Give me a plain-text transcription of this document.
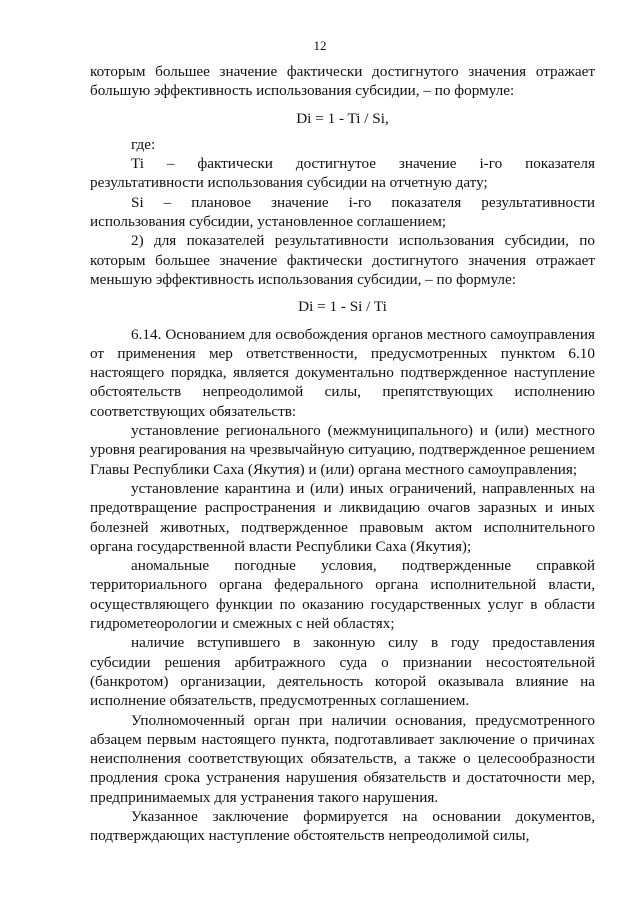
12

которым большее значение фактически достигнутого значения отражает большую эффективность использования субсидии, – по формуле:

Di = 1 - Ti / Si,

где:

Ti – фактически достигнутое значение i-го показателя результативности использования субсидии на отчетную дату;

Si – плановое значение i-го показателя результативности использования субсидии, установленное соглашением;

2) для показателей результативности использования субсидии, по которым большее значение фактически достигнутого значения отражает меньшую эффективность использования субсидии, – по формуле:

Di = 1 - Si / Ti

6.14. Основанием для освобождения органов местного самоуправления от применения мер ответственности, предусмотренных пунктом 6.10 настоящего порядка, является документально подтвержденное наступление обстоятельств непреодолимой силы, препятствующих исполнению соответствующих обязательств:

установление регионального (межмуниципального) и (или) местного уровня реагирования на чрезвычайную ситуацию, подтвержденное решением Главы Республики Саха (Якутия) и (или) органа местного самоуправления;

установление карантина и (или) иных ограничений, направленных на предотвращение распространения и ликвидацию очагов заразных и иных болезней животных, подтвержденное правовым актом исполнительного органа государственной власти Республики Саха (Якутия);

аномальные погодные условия, подтвержденные справкой территориального органа федерального органа исполнительной власти, осуществляющего функции по оказанию государственных услуг в области гидрометеорологии и смежных с ней областях;

наличие вступившего в законную силу в году предоставления субсидии решения арбитражного суда о признании несостоятельной (банкротом) организации, деятельность которой оказывала влияние на исполнение обязательств, предусмотренных соглашением.

Уполномоченный орган при наличии основания, предусмотренного абзацем первым настоящего пункта, подготавливает заключение о причинах неисполнения соответствующих обязательств, а также о целесообразности продления срока устранения нарушения обязательств и достаточности мер, предпринимаемых для устранения такого нарушения.

Указанное заключение формируется на основании документов, подтверждающих наступление обстоятельств непреодолимой силы,
